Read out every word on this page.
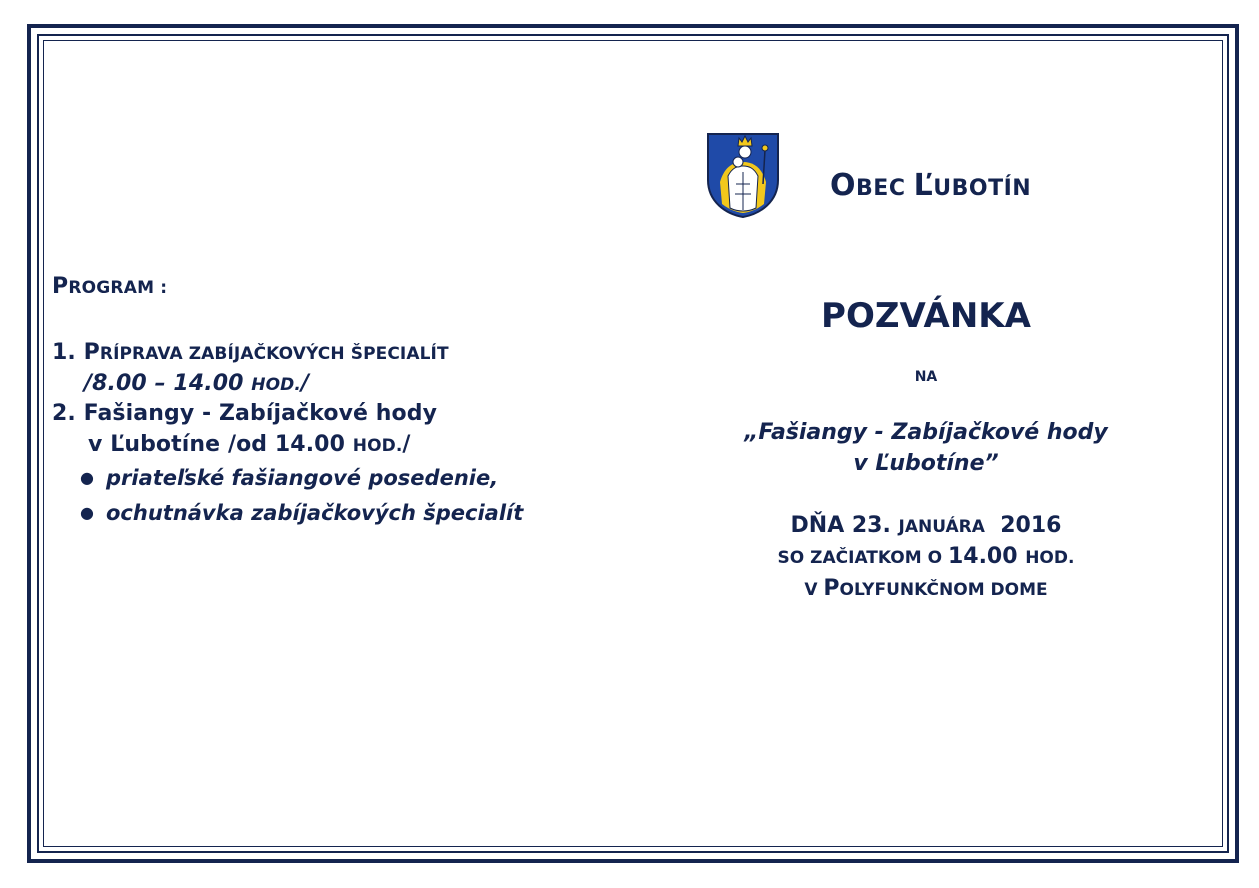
OBEC ĽUBOTÍN
PROGRAM :
1. PRÍPRAVA ZABÍJAČKOVÝCH ŠPECIALÍT
/8.00 – 14.00 HOD./
2. Fašiangy - Zabíjačkové hody
v Ľubotíne /od 14.00 HOD./
● priateľské fašiangové posedenie,
● ochutnávka zabíjačkových špecialít
POZVÁNKA
NA
„Fašiangy - Zabíjačkové hody
v Ľubotíne”
DŇA 23. JANUÁRA  2016
SO ZAČIATKOM O 14.00 HOD.
V POLYFUNKČNOM DOME
